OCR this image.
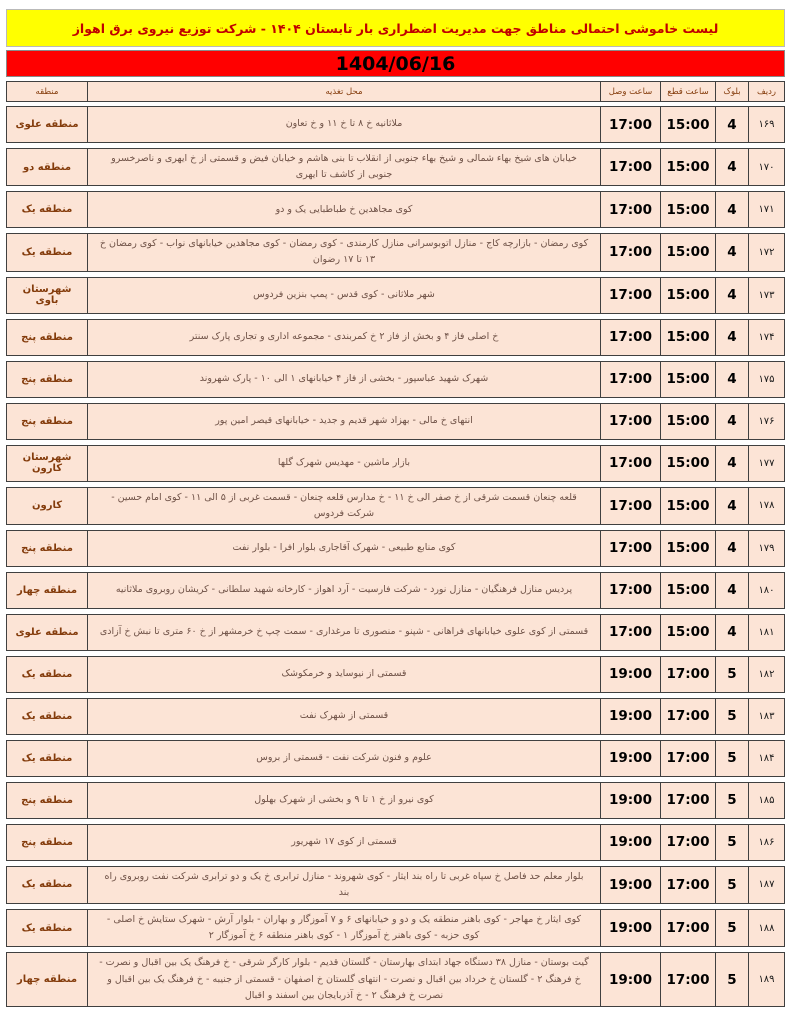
لیست خاموشی احتمالی مناطق جهت مدیریت اضطراری بار تابستان ۱۴۰۴ - شرکت توزیع نیروی برق اهواز
1404/06/16
ردیف
بلوک
ساعت قطع
ساعت وصل
محل تغذیه
منطقه
۱۶۹
4
15:00
17:00
ملاثانیه خ ۸ تا خ ۱۱ و خ تعاون
منطقه علوی
۱۷۰
4
15:00
17:00
خیابان های شیخ بهاء شمالی و شیخ بهاء جنوبی از انقلاب تا بنی هاشم و خیابان فیض و قسمتی از خ ایهری و ناصرخسرو جنوبی از کاشف تا ایهری
منطقه دو
۱۷۱
4
15:00
17:00
کوی مجاهدین خ طباطبایی یک و دو
منطقه یک
۱۷۲
4
15:00
17:00
کوی رمضان - بازارچه کاج - منازل اتوبوسرانی منازل کارمندی - کوی رمضان - کوی مجاهدین خیابانهای نواب - کوی رمضان خ ۱۳ تا ۱۷ رضوان
منطقه یک
۱۷۳
4
15:00
17:00
شهر ملاثانی - کوی قدس - پمپ بنزین فردوس
شهرستان باوی
۱۷۴
4
15:00
17:00
خ اصلی فاز ۴ و بخش از فاز ۲ خ کمربندی - مجموعه اداری و تجاری پارک سنتر
منطقه پنج
۱۷۵
4
15:00
17:00
شهرک شهید عباسپور - بخشی از فاز ۴ خیابانهای ۱ الی ۱۰ - پارک شهروند
منطقه پنج
۱۷۶
4
15:00
17:00
انتهای خ مالی - بهزاد شهر قدیم و جدید - خیابانهای قیصر امین پور
منطقه پنج
۱۷۷
4
15:00
17:00
بازار ماشین - مهدیس شهرک گلها
شهرستان کارون
۱۷۸
4
15:00
17:00
قلعه چنعان قسمت شرقی از خ صفر الی خ ۱۱ - خ مدارس قلعه چنعان - قسمت غربی از ۵ الی ۱۱ - کوی امام حسین - شرکت فردوس
کارون
۱۷۹
4
15:00
17:00
کوی منابع طبیعی - شهرک آقاجاری بلوار افرا - بلوار نفت
منطقه پنج
۱۸۰
4
15:00
17:00
پردیس منازل فرهنگیان - منازل نورد - شرکت فارسیت - آرد اهواز - کارخانه شهید سلطانی - کریشان روبروی ملاثانیه
منطقه چهار
۱۸۱
4
15:00
17:00
قسمتی از کوی علوی خیابانهای فراهانی - شپنو - منصوری تا مرغداری - سمت چپ خ خرمشهر از خ ۶۰ متری تا نبش خ آزادی
منطقه علوی
۱۸۲
5
17:00
19:00
قسمتی از نیوساید و خرمکوشک
منطقه یک
۱۸۳
5
17:00
19:00
قسمتی از شهرک نفت
منطقه یک
۱۸۴
5
17:00
19:00
علوم و فنون شرکت نفت - قسمتی از بروس
منطقه یک
۱۸۵
5
17:00
19:00
کوی نیرو از خ ۱ تا ۹ و بخشی از شهرک بهلول
منطقه پنج
۱۸۶
5
17:00
19:00
قسمتی از کوی ۱۷ شهریور
منطقه پنج
۱۸۷
5
17:00
19:00
بلوار معلم حد فاصل خ سپاه غربی تا راه بند ایثار - کوی شهروند - منازل ترابری خ یک و دو ترابری شرکت نفت روبروی راه بند
منطقه یک
۱۸۸
5
17:00
19:00
کوی ایثار خ مهاجر - کوی باهنر منطقه یک و دو و خیابانهای ۶ و ۷ آموزگار و بهاران - بلوار آرش - شهرک ستایش خ اصلی - کوی حزبه - کوی باهنر خ آموزگار ۱ - کوی باهنر منطقه ۶ خ آموزگار ۲
منطقه یک
۱۸۹
5
17:00
19:00
گیت بوستان - منازل ۳۸ دستگاه جهاد ابتدای بهارستان - گلستان قدیم - بلوار کارگر شرقی - خ فرهنگ یک بین اقبال و نصرت - خ فرهنگ ۲ - گلستان خ خرداد بین اقبال و نصرت - انتهای گلستان خ اصفهان - قسمتی از جنیبه - خ فرهنگ یک بین اقبال و نصرت خ فرهنگ ۲ - خ آذربایجان بین اسفند و اقبال
منطقه چهار
